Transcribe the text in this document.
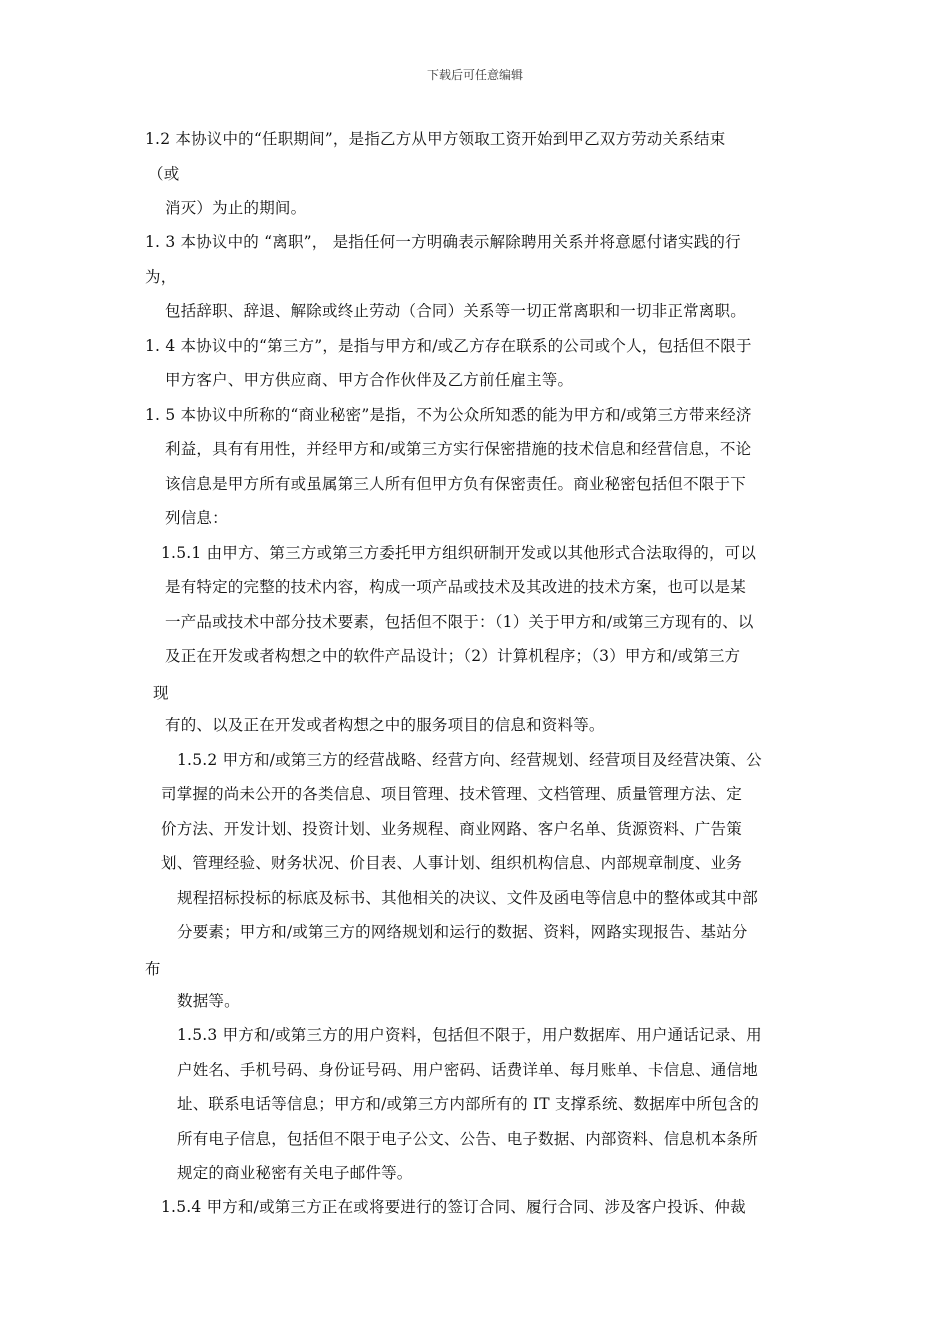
下载后可任意编辑
1.2 本协议中的“任职期间”，是指乙方从甲方领取工资开始到甲乙双方劳动关系结束
（或
消灭）为止的期间。
1. 3 本协议中的 “离职”， 是指任何一方明确表示解除聘用关系并将意愿付诸实践的行
为，
包括辞职、辞退、解除或终止劳动（合同）关系等一切正常离职和一切非正常离职。
1. 4 本协议中的“第三方”，是指与甲方和/或乙方存在联系的公司或个人，包括但不限于
甲方客户、甲方供应商、甲方合作伙伴及乙方前任雇主等。
1. 5 本协议中所称的“商业秘密”是指，不为公众所知悉的能为甲方和/或第三方带来经济
利益，具有有用性，并经甲方和/或第三方实行保密措施的技术信息和经营信息，不论
该信息是甲方所有或虽属第三人所有但甲方负有保密责任。商业秘密包括但不限于下
列信息：
1.5.1 由甲方、第三方或第三方委托甲方组织研制开发或以其他形式合法取得的，可以
是有特定的完整的技术内容，构成一项产品或技术及其改进的技术方案，也可以是某
一产品或技术中部分技术要素，包括但不限于：（1）关于甲方和/或第三方现有的、以
及正在开发或者构想之中的软件产品设计；（2）计算机程序；（3）甲方和/或第三方
现
有的、以及正在开发或者构想之中的服务项目的信息和资料等。
1.5.2 甲方和/或第三方的经营战略、经营方向、经营规划、经营项目及经营决策、公
司掌握的尚未公开的各类信息、项目管理、技术管理、文档管理、质量管理方法、定
价方法、开发计划、投资计划、业务规程、商业网路、客户名单、货源资料、广告策
划、管理经验、财务状况、价目表、人事计划、组织机构信息、内部规章制度、业务
规程招标投标的标底及标书、其他相关的决议、文件及函电等信息中的整体或其中部
分要素；甲方和/或第三方的网络规划和运行的数据、资料，网路实现报告、基站分
布
数据等。
1.5.3 甲方和/或第三方的用户资料，包括但不限于，用户数据库、用户通话记录、用
户姓名、手机号码、身份证号码、用户密码、话费详单、每月账单、卡信息、通信地
址、联系电话等信息；甲方和/或第三方内部所有的 IT 支撑系统、数据库中所包含的
所有电子信息，包括但不限于电子公文、公告、电子数据、内部资料、信息机本条所
规定的商业秘密有关电子邮件等。
1.5.4 甲方和/或第三方正在或将要进行的签订合同、履行合同、涉及客户投诉、仲裁
